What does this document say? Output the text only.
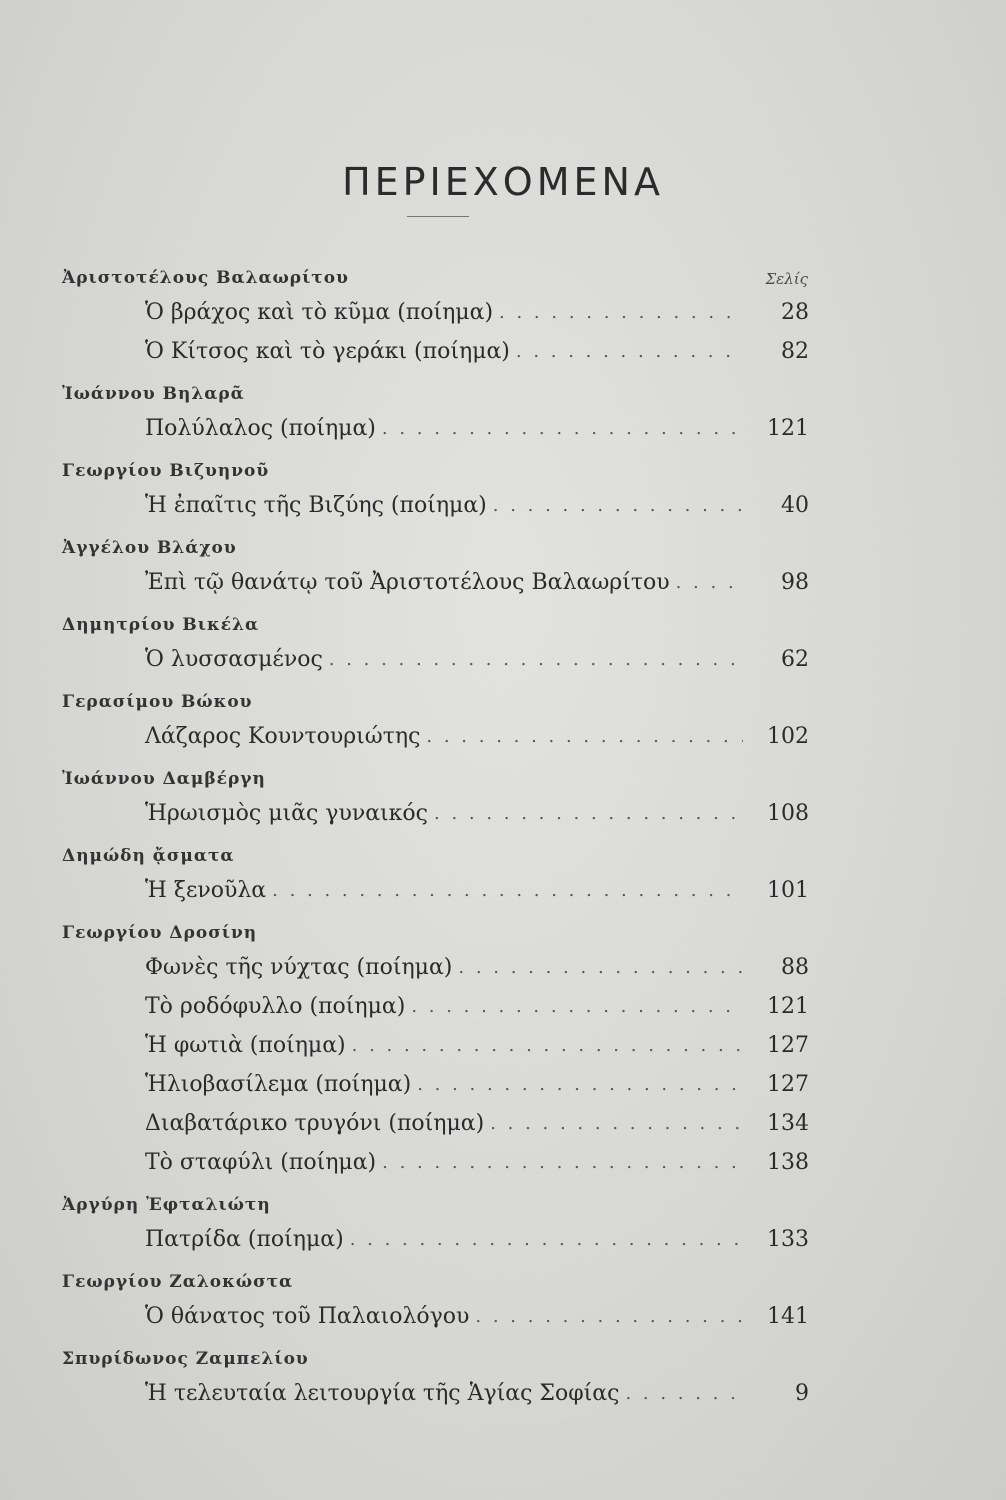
ΠΕΡΙΕΧΟΜΕΝΑ
Σελίς
Ἀριστοτέλους Βαλαωρίτου
Ὁ βράχος καὶ τὸ κῦμα (ποίημα) . . .	28
Ὁ Κίτσος καὶ τὸ γεράκι (ποίημα) . . .	82
Ἰωάννου Βηλαρᾶ
Πολύλαλος (ποίημα) . . .	121
Γεωργίου Βιζυηνοῦ
Ἡ ἐπαῖτις τῆς Βιζύης (ποίημα) . . .	40
Ἀγγέλου Βλάχου
Ἐπὶ τῷ θανάτῳ τοῦ Ἀριστοτέλους Βαλαωρίτου . . .	98
Δημητρίου Βικέλα
Ὁ λυσσασμένος . . .	62
Γερασίμου Βώκου
Λάζαρος Κουντουριώτης . . .	102
Ἰωάννου Δαμβέργη
Ἡρωισμὸς μιᾶς γυναικός . . .	108
Δημώδη ᾄσματα
Ἡ ξενοῦλα . . .	101
Γεωργίου Δροσίνη
Φωνὲς τῆς νύχτας (ποίημα) . . .	88
Τὸ ροδόφυλλο (ποίημα) . . .	121
Ἡ φωτιὰ (ποίημα) . . .	127
Ἡλιοβασίλεμα (ποίημα) . . .	127
Διαβατάρικο τρυγόνι (ποίημα) . . .	134
Τὸ σταφύλι (ποίημα) . . .	138
Ἀργύρη Ἐφταλιώτη
Πατρίδα (ποίημα) . . .	133
Γεωργίου Ζαλοκώστα
Ὁ θάνατος τοῦ Παλαιολόγου . . .	141
Σπυρίδωνος Ζαμπελίου
Ἡ τελευταία λειτουργία τῆς Ἁγίας Σοφίας . . .	9
